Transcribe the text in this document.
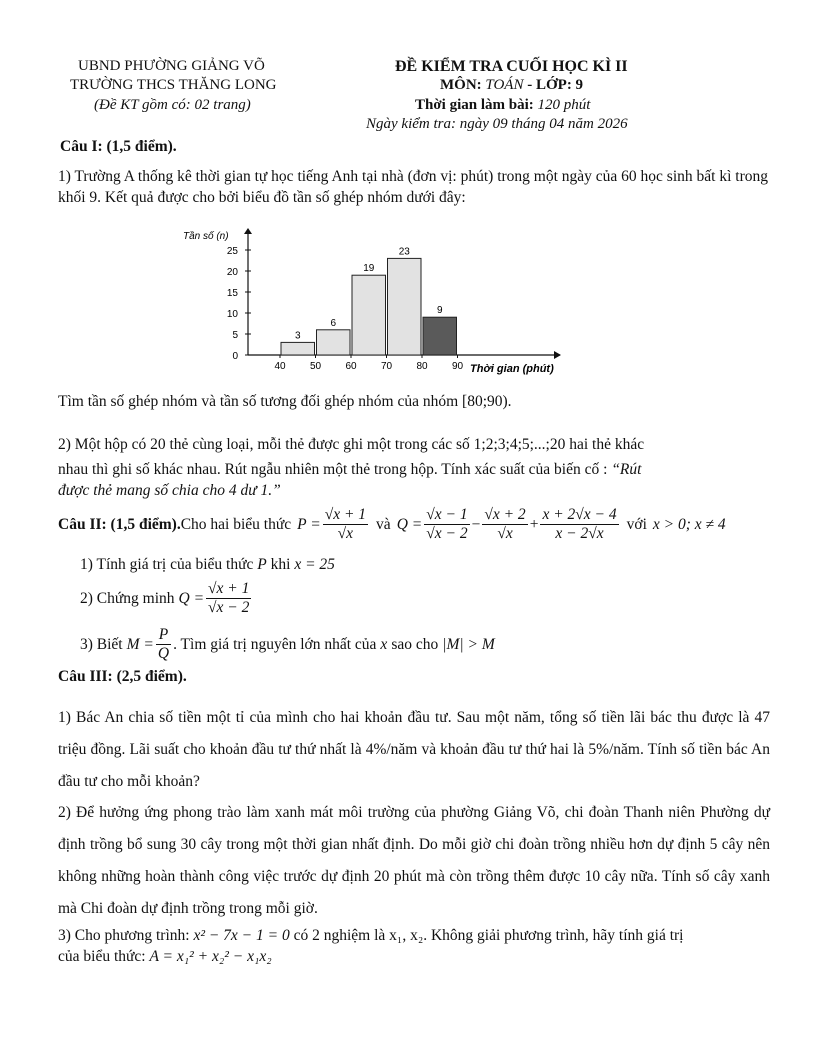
UBND PHƯỜNG GIẢNG VÕ
TRƯỜNG THCS THĂNG LONG
(Đề KT gồm có: 02 trang)
ĐỀ KIỂM TRA CUỐI HỌC KÌ II
MÔN: TOÁN - LỚP: 9
Thời gian làm bài: 120 phút
Ngày kiểm tra: ngày 09 tháng 04 năm 2026
Câu I: (1,5 điểm).
1) Trường A thống kê thời gian tự học tiếng Anh tại nhà (đơn vị: phút) trong một ngày của 60 học sinh bất kì trong khối 9. Kết quả được cho bởi biểu đồ tần số ghép nhóm dưới đây:
Tần số (n)
0
5
10
15
20
25
3
6
19
23
9
40 50 60 70 80 90 Thời gian (phút)
Tìm tần số ghép nhóm và tần số tương đối ghép nhóm của nhóm [80;90).
2) Một hộp có 20 thẻ cùng loại, mỗi thẻ được ghi một trong các số 1;2;3;4;5;...;20 hai thẻ khác
nhau thì ghi số khác nhau. Rút ngẫu nhiên một thẻ trong hộp. Tính xác suất của biến cố : “Rút
được thẻ mang số chia cho 4 dư 1.”
Câu II: (1,5 điểm). Cho hai biểu thức $P = \frac{√x + 1}{√x}$ và $Q = \frac{√x - 1}{√x - 2} - \frac{√x + 2}{√x} + \frac{x + 2√x - 4}{x - 2√x}$ với x > 0; x ≠ 4
1) Tính giá trị của biểu thức P khi x = 25
2) Chứng minh $Q = \frac{√x + 1}{√x - 2}$
3) Biết $M = \frac{P}{Q}$ . Tìm giá trị nguyên lớn nhất của x sao cho |M| > M
Câu III: (2,5 điểm).
1) Bác An chia số tiền một tỉ của mình cho hai khoản đầu tư. Sau một năm, tổng số tiền lãi bác thu được là 47 triệu đồng. Lãi suất cho khoản đầu tư thứ nhất là 4%/năm và khoản đầu tư thứ hai là 5%/năm. Tính số tiền bác An đầu tư cho mỗi khoản?
2) Để hưởng ứng phong trào làm xanh mát môi trường của phường Giảng Võ, chi đoàn Thanh niên Phường dự định trồng bổ sung 30 cây trong một thời gian nhất định. Do mỗi giờ chi đoàn trồng nhiều hơn dự định 5 cây nên không những hoàn thành công việc trước dự định 20 phút mà còn trồng thêm được 10 cây nữa. Tính số cây xanh mà Chi đoàn dự định trồng trong mỗi giờ.
3) Cho phương trình: x² − 7x − 1 = 0 có 2 nghiệm là x₁, x₂. Không giải phương trình, hãy tính giá trị
của biểu thức: A = x₁² + x₂² − x₁x₂
